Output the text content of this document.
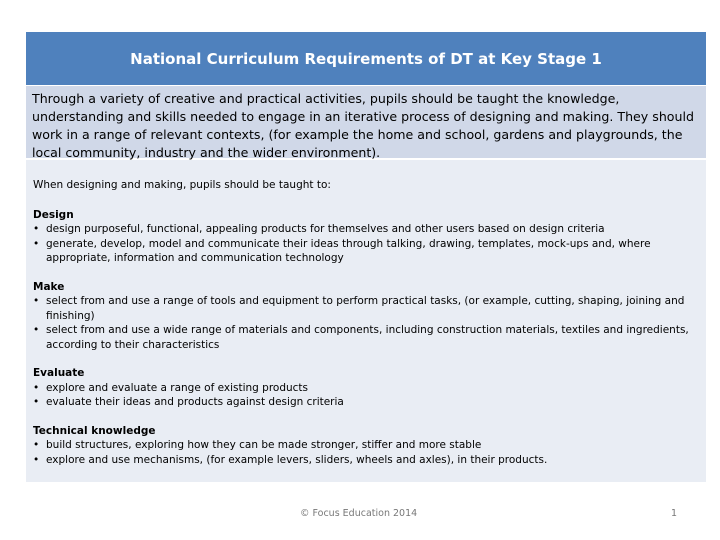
National Curriculum Requirements of DT at Key Stage 1
Through a variety of creative and practical activities, pupils should be taught the knowledge, understanding and skills needed to engage in an iterative process of designing and making. They should work in a range of relevant contexts, (for example the home and school, gardens and playgrounds, the local community, industry and the wider environment).

When designing and making, pupils should be taught to:

Design
• design purposeful, functional, appealing products for themselves and other users based on design criteria
• generate, develop, model and communicate their ideas through talking, drawing, templates, mock-ups and, where appropriate, information and communication technology
Make
• select from and use a range of tools and equipment to perform practical tasks, (or example, cutting, shaping, joining and finishing)
• select from and use a wide range of materials and components, including construction materials, textiles and ingredients, according to their characteristics
Evaluate
• explore and evaluate a range of existing products
• evaluate their ideas and products against design criteria
Technical knowledge
• build structures, exploring how they can be made stronger, stiffer and more stable
• explore and use mechanisms, (for example levers, sliders, wheels and axles), in their products.
© Focus Education 2014	1
